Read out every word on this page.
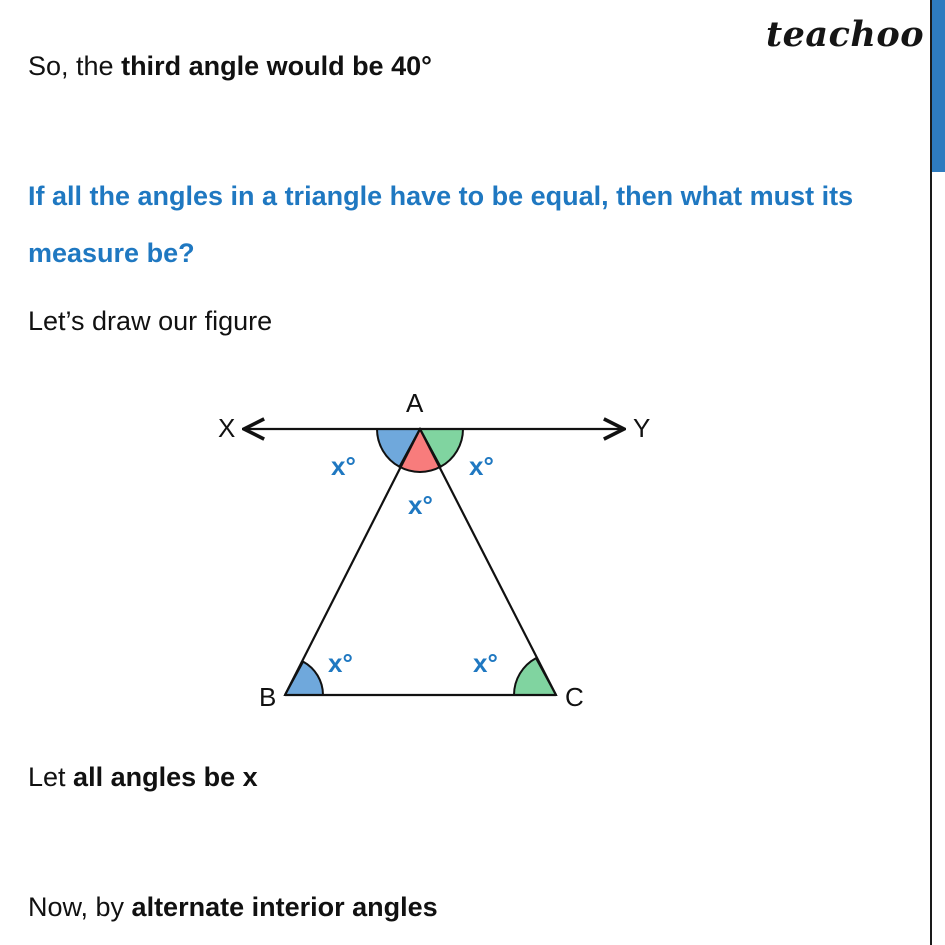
teachoo
So, the third angle would be 40°
If all the angles in a triangle have to be equal, then what must its
measure be?
Let’s draw our figure
A
X	Y
B	C
x°	x°
x°
x°	x°
Let all angles be x
Now, by alternate interior angles
